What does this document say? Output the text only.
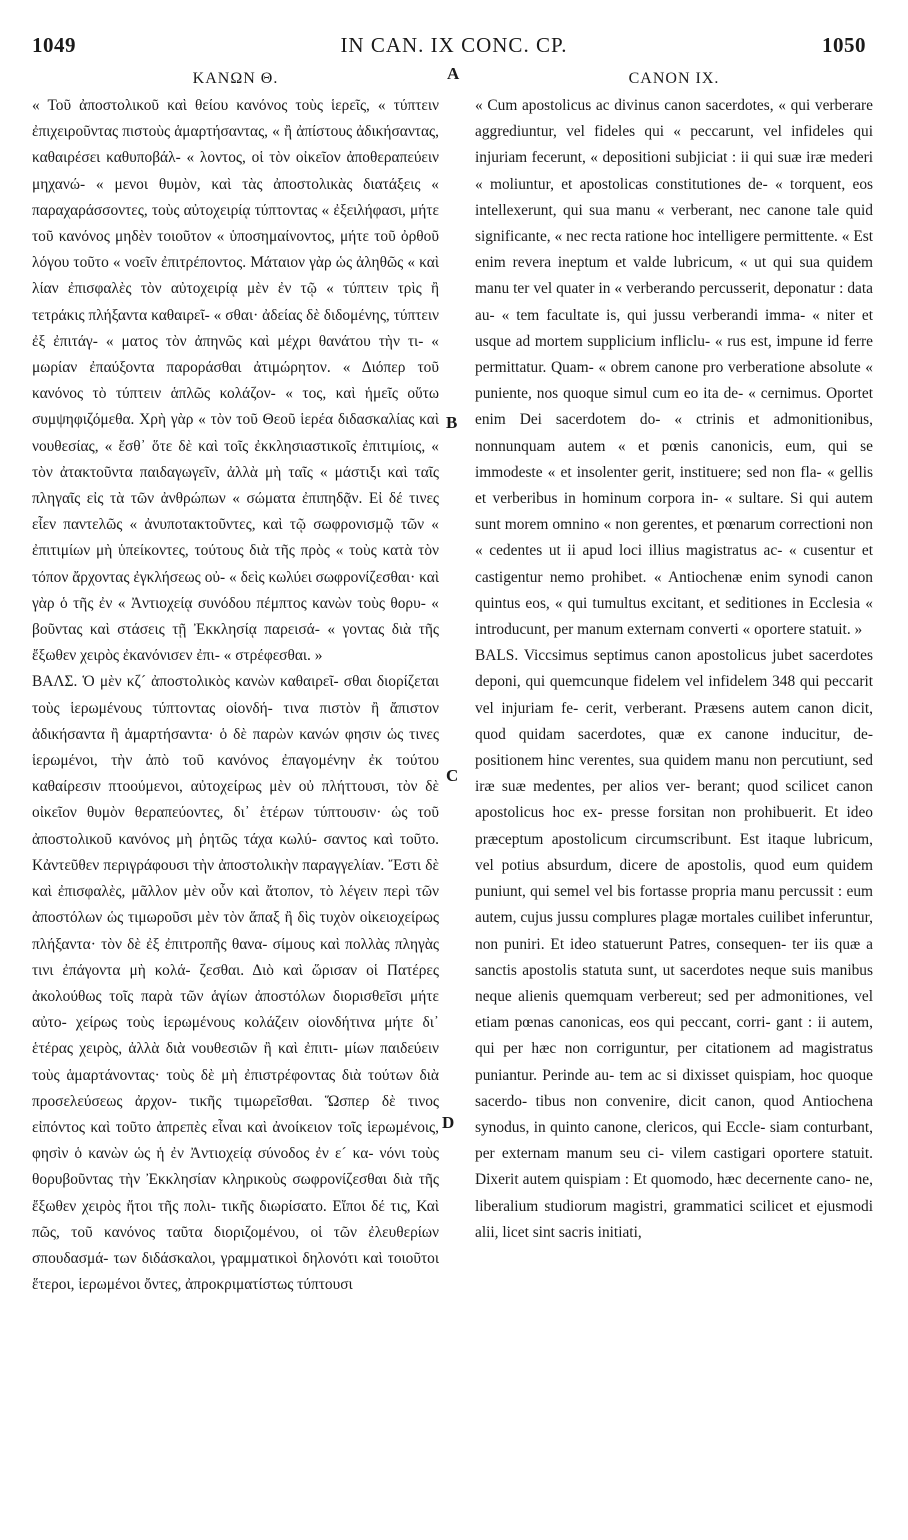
1049	IN CAN. IX CONC. CP.	1050
A
B
C
D
ΚΑΝΩΝ Θ.

« Τοῦ ἀποστολικοῦ καὶ θείου κανόνος τοὺς ἱερεῖς, « τύπτειν ἐπιχειροῦντας πιστοὺς ἁμαρτήσαντας, « ἢ ἀπίστους ἀδικήσαντας, καθαιρέσει καθυποβάλ- « λοντος, οἱ τὸν οἰκεῖον ἀποθεραπεύειν μηχανώ- « μενοι θυμὸν, καὶ τὰς ἀποστολικὰς διατάξεις « παραχαράσσοντες, τοὺς αὐτοχειρίᾳ τύπτοντας « ἐξειλήφασι, μήτε τοῦ κανόνος μηδὲν τοιοῦτον « ὑποσημαίνοντος, μήτε τοῦ ὀρθοῦ λόγου τοῦτο « νοεῖν ἐπιτρέποντος. Μάταιον γὰρ ὡς ἀληθῶς « καὶ λίαν ἐπισφαλὲς τὸν αὐτοχειρίᾳ μὲν ἐν τῷ « τύπτειν τρὶς ἢ τετράκις πλήξαντα καθαιρεῖ- « σθαι· ἀδείας δὲ διδομένης, τύπτειν ἐξ ἐπιτάγ- « ματος τὸν ἀπηνῶς καὶ μέχρι θανάτου τὴν τι- « μωρίαν ἐπαύξοντα παροράσθαι ἀτιμώρητον. « Διόπερ τοῦ κανόνος τὸ τύπτειν ἁπλῶς κολάζον- « τος, καὶ ἡμεῖς οὕτω συμψηφιζόμεθα. Χρὴ γὰρ « τὸν τοῦ Θεοῦ ἱερέα διδασκαλίας καὶ νουθεσίας, « ἔσθ᾽ ὅτε δὲ καὶ τοῖς ἐκκλησιαστικοῖς ἐπιτιμίοις, « τὸν ἀτακτοῦντα παιδαγωγεῖν, ἀλλὰ μὴ ταῖς « μάστιξι καὶ ταῖς πληγαῖς εἰς τὰ τῶν ἀνθρώπων « σώματα ἐπιπηδᾷν. Εἰ δέ τινες εἶεν παντελῶς « ἀνυποτακτοῦντες, καὶ τῷ σωφρονισμῷ τῶν « ἐπιτιμίων μὴ ὑπείκοντες, τούτους διὰ τῆς πρὸς « τοὺς κατὰ τὸν τόπον ἄρχοντας ἐγκλήσεως οὐ- « δεὶς κωλύει σωφρονίζεσθαι· καὶ γὰρ ὁ τῆς ἐν « Ἀντιοχείᾳ συνόδου πέμπτος κανὼν τοὺς θορυ- « βοῦντας καὶ στάσεις τῇ Ἐκκλησίᾳ παρεισά- « γοντας διὰ τῆς ἔξωθεν χειρὸς ἐκανόνισεν ἐπι- « στρέφεσθαι. »

ΒΑΛΣ. Ὁ μὲν κζ´ ἀποστολικὸς κανὼν καθαιρεῖ- σθαι διορίζεται τοὺς ἱερωμένους τύπτοντας οἱονδή- τινα πιστὸν ἢ ἄπιστον ἀδικήσαντα ἢ ἁμαρτήσαντα· ὁ δὲ παρὼν κανών φησιν ὡς τινες ἱερωμένοι, τὴν ἀπὸ τοῦ κανόνος ἐπαγομένην ἐκ τούτου καθαίρεσιν πτοούμενοι, αὐτοχείρως μὲν οὐ πλήττουσι, τὸν δὲ οἰκεῖον θυμὸν θεραπεύοντες, δι᾽ ἑτέρων τύπτουσιν· ὡς τοῦ ἀποστολικοῦ κανόνος μὴ ῥητῶς τάχα κωλύ- σαντος καὶ τοῦτο. Κἀντεῦθεν περιγράφουσι τὴν ἀποστολικὴν παραγγελίαν. Ἔστι δὲ καὶ ἐπισφαλὲς, μᾶλλον μὲν οὖν καὶ ἄτοπον, τὸ λέγειν περὶ τῶν ἀποστόλων ὡς τιμωροῦσι μὲν τὸν ἅπαξ ἢ δὶς τυχὸν οἰκειοχείρως πλήξαντα· τὸν δὲ ἐξ ἐπιτροπῆς θανα- σίμους καὶ πολλὰς πληγὰς τινι ἐπάγοντα μὴ κολά- ζεσθαι. Διὸ καὶ ὥρισαν οἱ Πατέρες ἀκολούθως τοῖς παρὰ τῶν ἁγίων ἀποστόλων διορισθεῖσι μήτε αὐτο- χείρως τοὺς ἱερωμένους κολάζειν οἱονδήτινα μήτε δι᾽ ἑτέρας χειρὸς, ἀλλὰ διὰ νουθεσιῶν ἢ καὶ ἐπιτι- μίων παιδεύειν τοὺς ἁμαρτάνοντας· τοὺς δὲ μὴ ἐπιστρέφοντας διὰ τούτων διὰ προσελεύσεως ἀρχον- τικῆς τιμωρεῖσθαι. Ὥσπερ δὲ τινος εἰπόντος καὶ τοῦτο ἀπρεπὲς εἶναι καὶ ἀνοίκειον τοῖς ἱερωμένοις, φησὶν ὁ κανὼν ὡς ἡ ἐν Ἀντιοχείᾳ σύνοδος ἐν ε´ κα- νόνι τοὺς θορυβοῦντας τὴν Ἐκκλησίαν κληρικοὺς σωφρονίζεσθαι διὰ τῆς ἔξωθεν χειρὸς ἤτοι τῆς πολι- τικῆς διωρίσατο. Εἴποι δέ τις, Καὶ πῶς, τοῦ κανόνος ταῦτα διοριζομένου, οἱ τῶν ἐλευθερίων σπουδασμά- των διδάσκαλοι, γραμματικοὶ δηλονότι καὶ τοιοῦτοι ἕτεροι, ἱερωμένοι ὄντες, ἀπροκριματίστως τύπτουσι

CANON IX.

« Cum apostolicus ac divinus canon sacerdotes, « qui verberare aggrediuntur, vel fideles qui « peccarunt, vel infideles qui injuriam fecerunt, « depositioni subjiciat : ii qui suæ iræ mederi « moliuntur, et apostolicas constitutiones de- « torquent, eos intellexerunt, qui sua manu « verberant, nec canone tale quid significante, « nec recta ratione hoc intelligere permittente. « Est enim revera ineptum et valde lubricum, « ut qui sua quidem manu ter vel quater in « verberando percusserit, deponatur : data au- « tem facultate is, qui jussu verberandi imma- « niter et usque ad mortem supplicium infliclu- « rus est, impune id ferre permittatur. Quam- « obrem canone pro verberatione absolute « puniente, nos quoque simul cum eo ita de- « cernimus. Oportet enim Dei sacerdotem do- « ctrinis et admonitionibus, nonnunquam autem « et pœnis canonicis, eum, qui se immodeste « et insolenter gerit, instituere; sed non fla- « gellis et verberibus in hominum corpora in- « sultare. Si qui autem sunt morem omnino « non gerentes, et pœnarum correctioni non « cedentes ut ii apud loci illius magistratus ac- « cusentur et castigentur nemo prohibet. « Antiochenæ enim synodi canon quintus eos, « qui tumultus excitant, et seditiones in Ecclesia « introducunt, per manum externam converti « oportere statuit. »

BALS. Viccsimus septimus canon apostolicus jubet sacerdotes deponi, qui quemcunque fidelem vel infidelem 348 qui peccarit vel injuriam fe- cerit, verberant. Præsens autem canon dicit, quod quidam sacerdotes, quæ ex canone inducitur, de- positionem hinc verentes, sua quidem manu non percutiunt, sed iræ suæ medentes, per alios ver- berant; quod scilicet canon apostolicus hoc ex- presse forsitan non prohibuerit. Et ideo præceptum apostolicum circumscribunt. Est itaque lubricum, vel potius absurdum, dicere de apostolis, quod eum quidem puniunt, qui semel vel bis fortasse propria manu percussit : eum autem, cujus jussu complures plagæ mortales cuilibet inferuntur, non puniri. Et ideo statuerunt Patres, consequen- ter iis quæ a sanctis apostolis statuta sunt, ut sacerdotes neque suis manibus neque alienis quemquam verbereut; sed per admonitiones, vel etiam pœnas canonicas, eos qui peccant, corri- gant : ii autem, qui per hæc non corriguntur, per citationem ad magistratus puniantur. Perinde au- tem ac si dixisset quispiam, hoc quoque sacerdo- tibus non convenire, dicit canon, quod Antiochena synodus, in quinto canone, clericos, qui Eccle- siam conturbant, per externam manum seu ci- vilem castigari oportere statuit. Dixerit autem quispiam : Et quomodo, hæc decernente cano- ne, liberalium studiorum magistri, grammatici scilicet et ejusmodi alii, licet sint sacris initiati,
